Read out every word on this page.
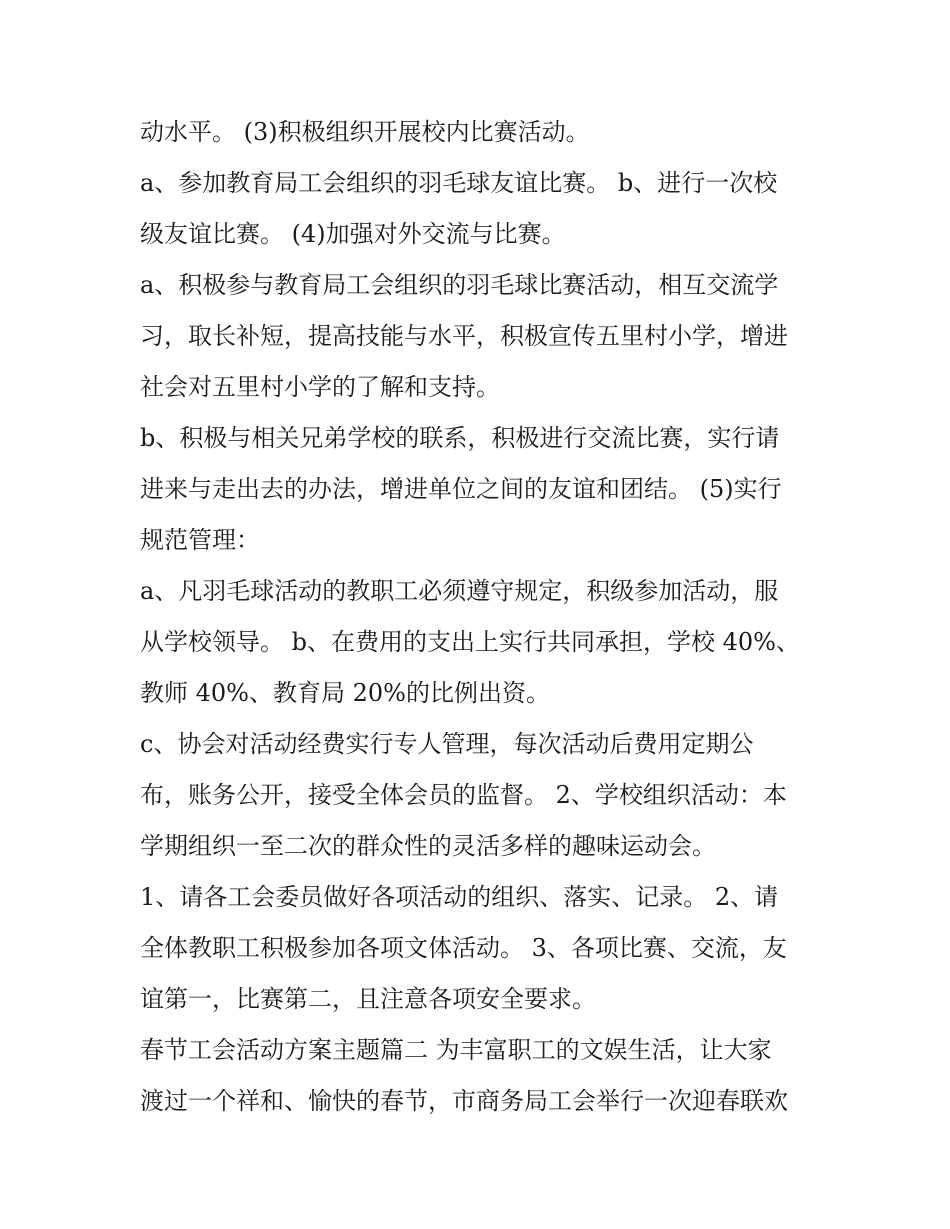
动水平。 (3)积极组织开展校内比赛活动。
a、参加教育局工会组织的羽毛球友谊比赛。 b、进行一次校
级友谊比赛。 (4)加强对外交流与比赛。
a、积极参与教育局工会组织的羽毛球比赛活动，相互交流学
习，取长补短，提高技能与水平，积极宣传五里村小学，增进
社会对五里村小学的了解和支持。
b、积极与相关兄弟学校的联系，积极进行交流比赛，实行请
进来与走出去的办法，增进单位之间的友谊和团结。 (5)实行
规范管理：
a、凡羽毛球活动的教职工必须遵守规定，积级参加活动，服
从学校领导。 b、在费用的支出上实行共同承担，学校 40%、
教师 40%、教育局 20%的比例出资。
c、协会对活动经费实行专人管理，每次活动后费用定期公
布，账务公开，接受全体会员的监督。 2、学校组织活动：本
学期组织一至二次的群众性的灵活多样的趣味运动会。
1、请各工会委员做好各项活动的组织、落实、记录。 2、请
全体教职工积极参加各项文体活动。 3、各项比赛、交流，友
谊第一，比赛第二，且注意各项安全要求。
春节工会活动方案主题篇二 为丰富职工的文娱生活，让大家
渡过一个祥和、愉快的春节，市商务局工会举行一次迎春联欢
